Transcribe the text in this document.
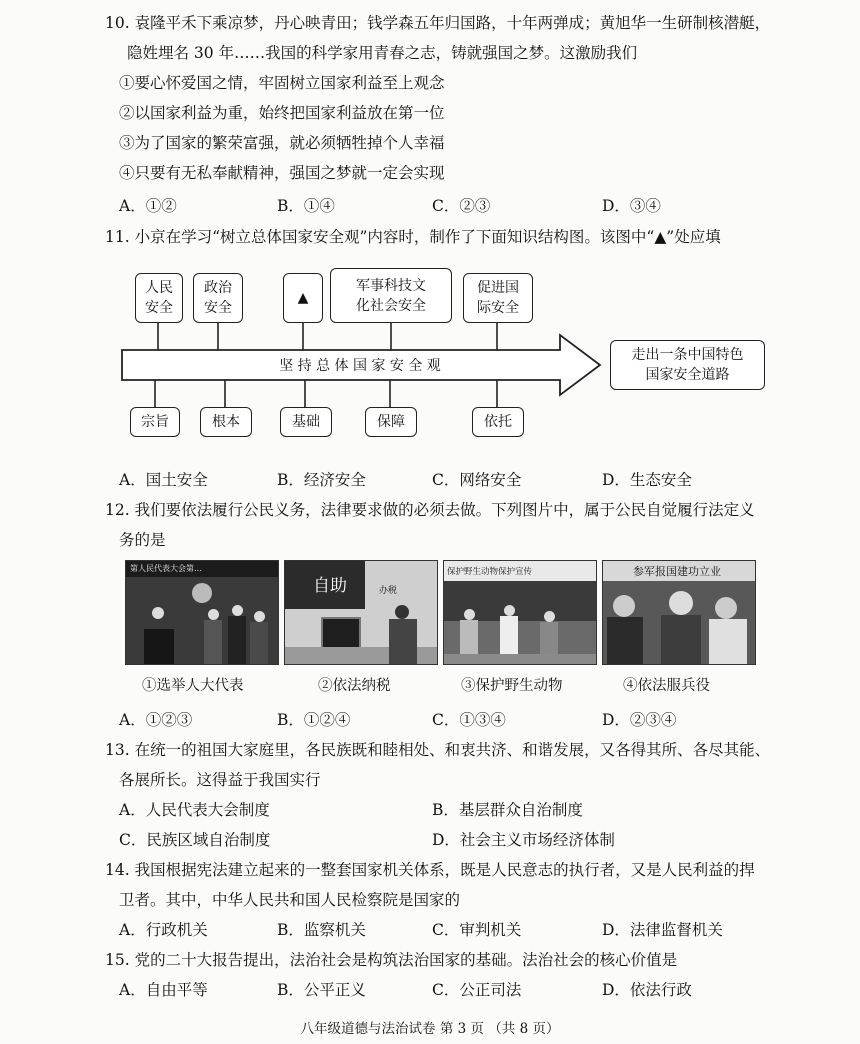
10. 袁隆平禾下乘凉梦，丹心映青田；钱学森五年归国路，十年两弹成；黄旭华一生研制核潜艇，
隐姓埋名 30 年……我国的科学家用青春之志，铸就强国之梦。这激励我们
①要心怀爱国之情，牢固树立国家利益至上观念
②以国家利益为重，始终把国家利益放在第一位
③为了国家的繁荣富强，就必须牺牲掉个人幸福
④只要有无私奉献精神，强国之梦就一定会实现
A．①②	B．①④	C．②③	D．③④
11. 小京在学习“树立总体国家安全观”内容时，制作了下面知识结构图。该图中“▲”处应填
人民
安全
政治
安全
▲
军事科技文
化社会安全
促进国
际安全
坚 持 总 体 国 家 安 全 观
走出一条中国特色
国家安全道路
宗旨	根本	基础	保障	依托
A．国土安全	B．经济安全	C．网络安全	D．生态安全
12. 我们要依法履行公民义务，法律要求做的必须去做。下列图片中，属于公民自觉履行法定义
务的是
第人民代表大会第…
自助	办税
保护野生动物保护宣传	参军报国建功立业
①选举人大代表	②依法纳税	③保护野生动物	④依法服兵役
A．①②③	B．①②④	C．①③④	D．②③④
13. 在统一的祖国大家庭里，各民族既和睦相处、和衷共济、和谐发展，又各得其所、各尽其能、
各展所长。这得益于我国实行
A．人民代表大会制度	B．基层群众自治制度
C．民族区域自治制度	D．社会主义市场经济体制
14. 我国根据宪法建立起来的一整套国家机关体系，既是人民意志的执行者，又是人民利益的捍
卫者。其中，中华人民共和国人民检察院是国家的
A．行政机关	B．监察机关	C．审判机关	D．法律监督机关
15. 党的二十大报告提出，法治社会是构筑法治国家的基础。法治社会的核心价值是
A．自由平等	B．公平正义	C．公正司法	D．依法行政
八年级道德与法治试卷 第 3 页 （共 8 页）
